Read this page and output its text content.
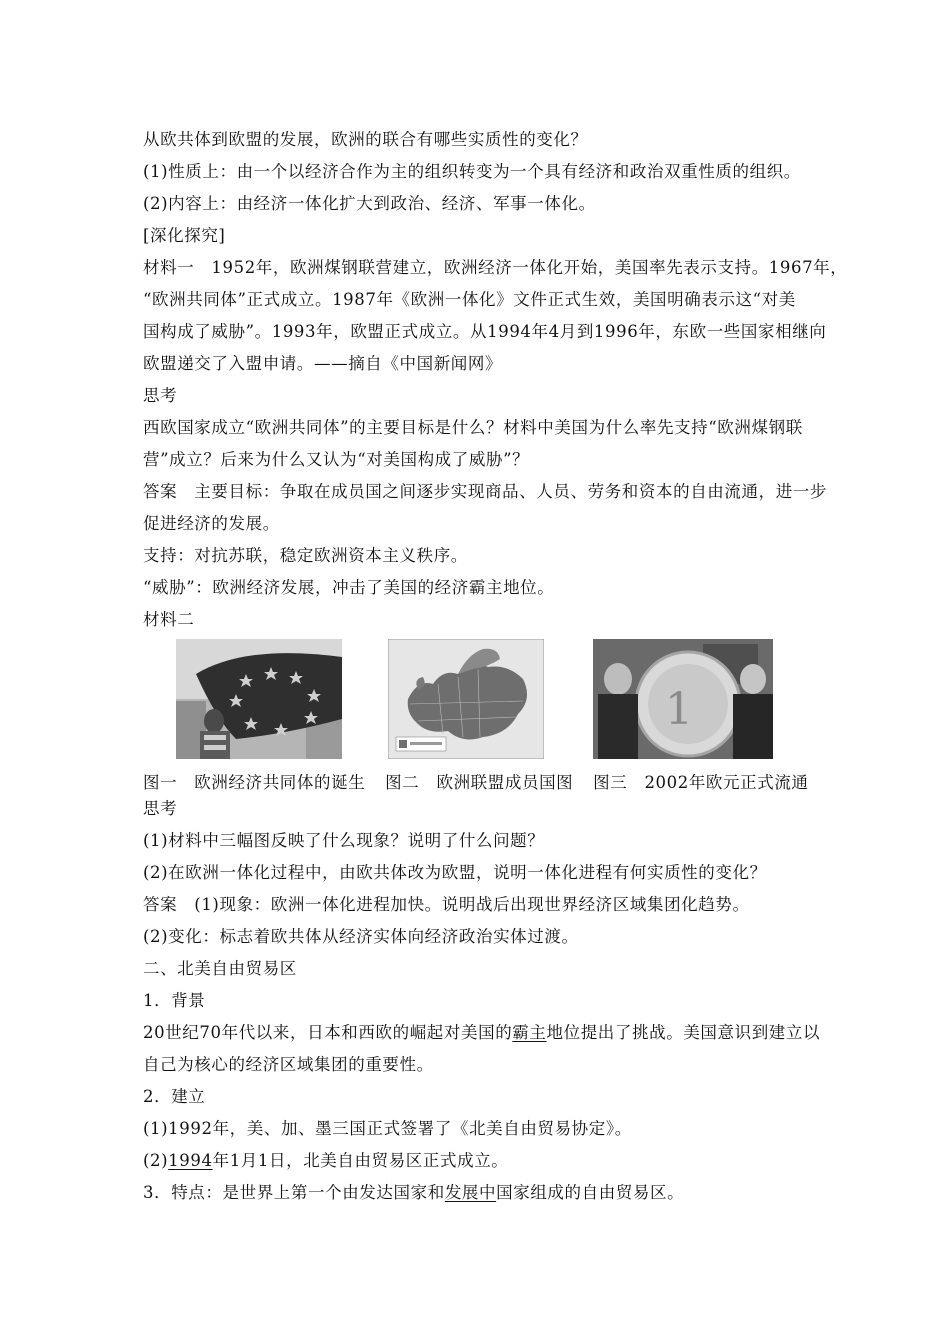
从欧共体到欧盟的发展，欧洲的联合有哪些实质性的变化？
(1)性质上：由一个以经济合作为主的组织转变为一个具有经济和政治双重性质的组织。
(2)内容上：由经济一体化扩大到政治、经济、军事一体化。
[深化探究]
材料一　1952年，欧洲煤钢联营建立，欧洲经济一体化开始，美国率先表示支持。1967年，
“欧洲共同体”正式成立。1987年《欧洲一体化》文件正式生效，美国明确表示这“对美
国构成了威胁”。1993年，欧盟正式成立。从1994年4月到1996年，东欧一些国家相继向
欧盟递交了入盟申请。——摘自《中国新闻网》
思考
西欧国家成立“欧洲共同体”的主要目标是什么？材料中美国为什么率先支持“欧洲煤钢联
营”成立？后来为什么又认为“对美国构成了威胁”？
答案　主要目标：争取在成员国之间逐步实现商品、人员、劳务和资本的自由流通，进一步
促进经济的发展。
支持：对抗苏联，稳定欧洲资本主义秩序。
“威胁”：欧洲经济发展，冲击了美国的经济霸主地位。
材料二
1
图一　欧洲经济共同体的诞生 图二　欧洲联盟成员国图 图三　2002年欧元正式流通
思考
(1)材料中三幅图反映了什么现象？说明了什么问题？
(2)在欧洲一体化过程中，由欧共体改为欧盟，说明一体化进程有何实质性的变化？
答案　(1)现象：欧洲一体化进程加快。说明战后出现世界经济区域集团化趋势。
(2)变化：标志着欧共体从经济实体向经济政治实体过渡。
二、北美自由贸易区
1．背景
20世纪70年代以来，日本和西欧的崛起对美国的霸主地位提出了挑战。美国意识到建立以
自己为核心的经济区域集团的重要性。
2．建立
(1)1992年，美、加、墨三国正式签署了《北美自由贸易协定》。
(2)1994年1月1日，北美自由贸易区正式成立。
3．特点：是世界上第一个由发达国家和发展中国家组成的自由贸易区。
